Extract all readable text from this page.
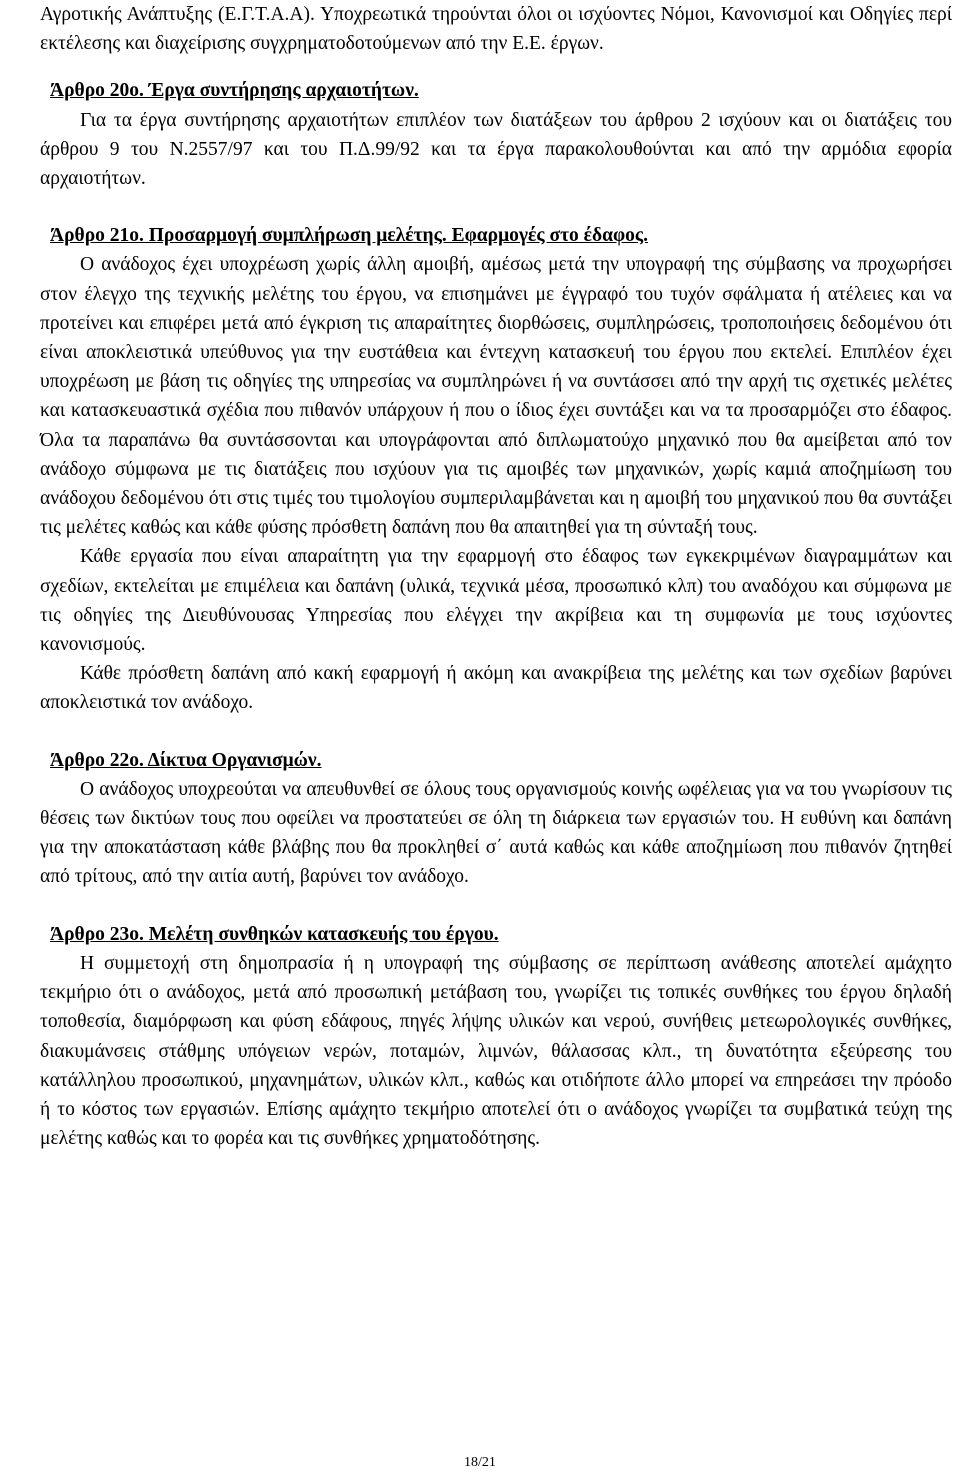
Αγροτικής Ανάπτυξης (Ε.Γ.Τ.Α.Α). Υποχρεωτικά τηρούνται όλοι οι ισχύοντες Νόμοι, Κανονισμοί και Οδηγίες περί εκτέλεσης και διαχείρισης συγχρηματοδοτούμενων από την Ε.Ε. έργων.

Άρθρο 20ο. Έργα συντήρησης αρχαιοτήτων.

Για τα έργα συντήρησης αρχαιοτήτων επιπλέον των διατάξεων του άρθρου 2 ισχύουν και οι διατάξεις του άρθρου 9 του Ν.2557/97 και του Π.Δ.99/92 και τα έργα παρακολουθούνται και από την αρμόδια εφορία αρχαιοτήτων.

Άρθρο 21ο. Προσαρμογή συμπλήρωση μελέτης. Εφαρμογές στο έδαφος.

Ο ανάδοχος έχει υποχρέωση χωρίς άλλη αμοιβή, αμέσως μετά την υπογραφή της σύμβασης να προχωρήσει στον έλεγχο της τεχνικής μελέτης του έργου, να επισημάνει με έγγραφό του τυχόν σφάλματα ή ατέλειες και να προτείνει και επιφέρει μετά από έγκριση τις απαραίτητες διορθώσεις, συμπληρώσεις, τροποποιήσεις δεδομένου ότι είναι αποκλειστικά υπεύθυνος για την ευστάθεια και έντεχνη κατασκευή του έργου που εκτελεί. Επιπλέον έχει υποχρέωση με βάση τις οδηγίες της υπηρεσίας να συμπληρώνει ή να συντάσσει από την αρχή τις σχετικές μελέτες και κατασκευαστικά σχέδια που πιθανόν υπάρχουν ή που ο ίδιος έχει συντάξει και να τα προσαρμόζει στο έδαφος. Όλα τα παραπάνω θα συντάσσονται και υπογράφονται από διπλωματούχο μηχανικό που θα αμείβεται από τον ανάδοχο σύμφωνα με τις διατάξεις που ισχύουν για τις αμοιβές των μηχανικών, χωρίς καμιά αποζημίωση του ανάδοχου δεδομένου ότι στις τιμές του τιμολογίου συμπεριλαμβάνεται και η αμοιβή του μηχανικού που θα συντάξει τις μελέτες καθώς και κάθε φύσης πρόσθετη δαπάνη που θα απαιτηθεί για τη σύνταξή τους.

Κάθε εργασία που είναι απαραίτητη για την εφαρμογή στο έδαφος των εγκεκριμένων διαγραμμάτων και σχεδίων, εκτελείται με επιμέλεια και δαπάνη (υλικά, τεχνικά μέσα, προσωπικό κλπ) του αναδόχου και σύμφωνα με τις οδηγίες της Διευθύνουσας Υπηρεσίας που ελέγχει την ακρίβεια και τη συμφωνία με τους ισχύοντες κανονισμούς.

Κάθε πρόσθετη δαπάνη από κακή εφαρμογή ή ακόμη και ανακρίβεια της μελέτης και των σχεδίων βαρύνει αποκλειστικά τον ανάδοχο.

Άρθρο 22ο. Δίκτυα Οργανισμών.

Ο ανάδοχος υποχρεούται να απευθυνθεί σε όλους τους οργανισμούς κοινής ωφέλειας για να του γνωρίσουν τις θέσεις των δικτύων τους που οφείλει να προστατεύει σε όλη τη διάρκεια των εργασιών του. Η ευθύνη και δαπάνη για την αποκατάσταση κάθε βλάβης που θα προκληθεί σ΄ αυτά καθώς και κάθε αποζημίωση που πιθανόν ζητηθεί από τρίτους, από την αιτία αυτή, βαρύνει τον ανάδοχο.

Άρθρο 23ο. Μελέτη συνθηκών κατασκευής του έργου.

Η συμμετοχή στη δημοπρασία ή η υπογραφή της σύμβασης σε περίπτωση ανάθεσης αποτελεί αμάχητο τεκμήριο ότι ο ανάδοχος, μετά από προσωπική μετάβαση του, γνωρίζει τις τοπικές συνθήκες του έργου δηλαδή τοποθεσία, διαμόρφωση και φύση εδάφους, πηγές λήψης υλικών και νερού, συνήθεις μετεωρολογικές συνθήκες, διακυμάνσεις στάθμης υπόγειων νερών, ποταμών, λιμνών, θάλασσας κλπ., τη δυνατότητα εξεύρεσης του κατάλληλου προσωπικού, μηχανημάτων, υλικών κλπ., καθώς και οτιδήποτε άλλο μπορεί να επηρεάσει την πρόοδο ή το κόστος των εργασιών. Επίσης αμάχητο τεκμήριο αποτελεί ότι ο ανάδοχος γνωρίζει τα συμβατικά τεύχη της μελέτης καθώς και το φορέα και τις συνθήκες χρηματοδότησης.

18/21
